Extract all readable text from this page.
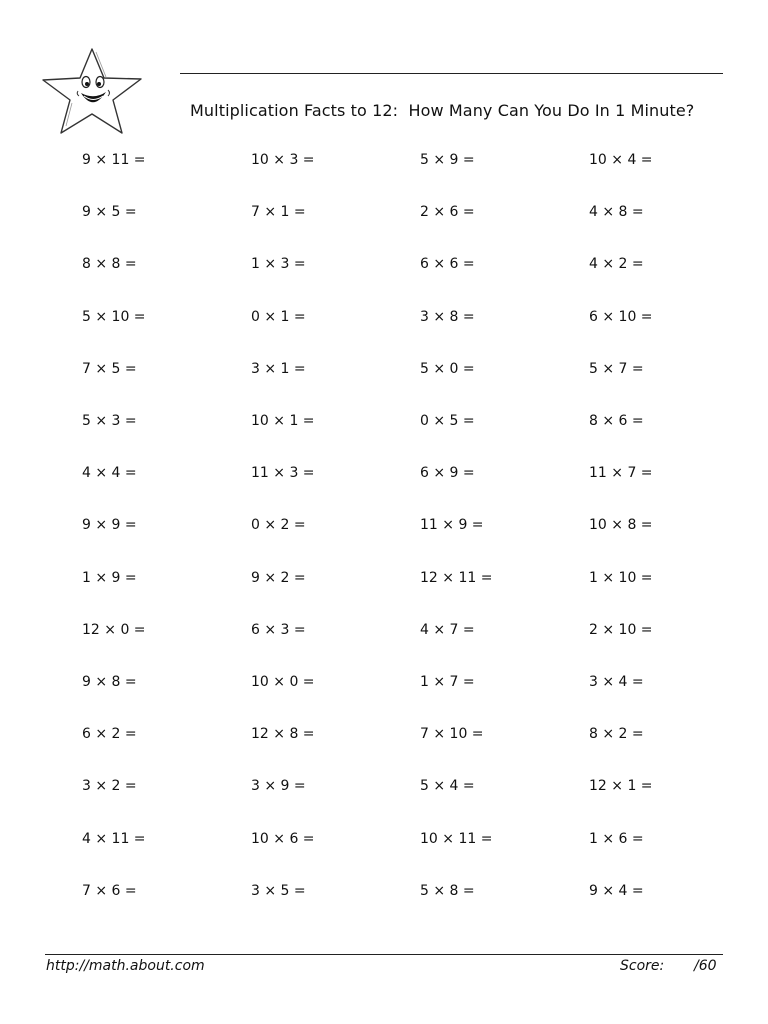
Multiplication Facts to 12:  How Many Can You Do In 1 Minute?
9 × 11 =	10 × 3 =	5 × 9 =	10 × 4 =
9 × 5 =	7 × 1 =	2 × 6 =	4 × 8 =
8 × 8 =	1 × 3 =	6 × 6 =	4 × 2 =
5 × 10 =	0 × 1 =	3 × 8 =	6 × 10 =
7 × 5 =	3 × 1 =	5 × 0 =	5 × 7 =
5 × 3 =	10 × 1 =	0 × 5 =	8 × 6 =
4 × 4 =	11 × 3 =	6 × 9 =	11 × 7 =
9 × 9 =	0 × 2 =	11 × 9 =	10 × 8 =
1 × 9 =	9 × 2 =	12 × 11 =	1 × 10 =
12 × 0 =	6 × 3 =	4 × 7 =	2 × 10 =
9 × 8 =	10 × 0 =	1 × 7 =	3 × 4 =
6 × 2 =	12 × 8 =	7 × 10 =	8 × 2 =
3 × 2 =	3 × 9 =	5 × 4 =	12 × 1 =
4 × 11 =	10 × 6 =	10 × 11 =	1 × 6 =
7 × 6 =	3 × 5 =	5 × 8 =	9 × 4 =
http://math.about.com	Score: /60
